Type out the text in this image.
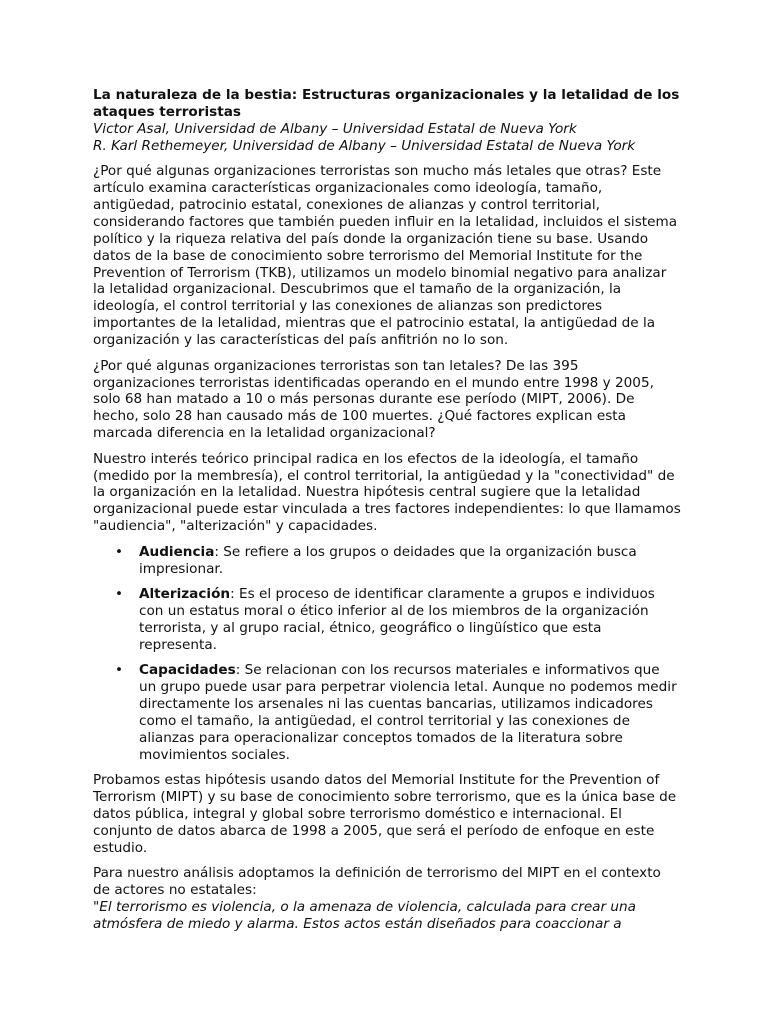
La naturaleza de la bestia: Estructuras organizacionales y la letalidad de los ataques terroristas
Victor Asal, Universidad de Albany – Universidad Estatal de Nueva York
R. Karl Rethemeyer, Universidad de Albany – Universidad Estatal de Nueva York

¿Por qué algunas organizaciones terroristas son mucho más letales que otras? Este artículo examina características organizacionales como ideología, tamaño, antigüedad, patrocinio estatal, conexiones de alianzas y control territorial, considerando factores que también pueden influir en la letalidad, incluidos el sistema político y la riqueza relativa del país donde la organización tiene su base. Usando datos de la base de conocimiento sobre terrorismo del Memorial Institute for the Prevention of Terrorism (TKB), utilizamos un modelo binomial negativo para analizar la letalidad organizacional. Descubrimos que el tamaño de la organización, la ideología, el control territorial y las conexiones de alianzas son predictores importantes de la letalidad, mientras que el patrocinio estatal, la antigüedad de la organización y las características del país anfitrión no lo son.

¿Por qué algunas organizaciones terroristas son tan letales? De las 395 organizaciones terroristas identificadas operando en el mundo entre 1998 y 2005, solo 68 han matado a 10 o más personas durante ese período (MIPT, 2006). De hecho, solo 28 han causado más de 100 muertes. ¿Qué factores explican esta marcada diferencia en la letalidad organizacional?

Nuestro interés teórico principal radica en los efectos de la ideología, el tamaño (medido por la membresía), el control territorial, la antigüedad y la "conectividad" de la organización en la letalidad. Nuestra hipótesis central sugiere que la letalidad organizacional puede estar vinculada a tres factores independientes: lo que llamamos "audiencia", "alterización" y capacidades.

• Audiencia: Se refiere a los grupos o deidades que la organización busca impresionar.
• Alterización: Es el proceso de identificar claramente a grupos e individuos con un estatus moral o ético inferior al de los miembros de la organización terrorista, y al grupo racial, étnico, geográfico o lingüístico que esta representa.
• Capacidades: Se relacionan con los recursos materiales e informativos que un grupo puede usar para perpetrar violencia letal. Aunque no podemos medir directamente los arsenales ni las cuentas bancarias, utilizamos indicadores como el tamaño, la antigüedad, el control territorial y las conexiones de alianzas para operacionalizar conceptos tomados de la literatura sobre movimientos sociales.

Probamos estas hipótesis usando datos del Memorial Institute for the Prevention of Terrorism (MIPT) y su base de conocimiento sobre terrorismo, que es la única base de datos pública, integral y global sobre terrorismo doméstico e internacional. El conjunto de datos abarca de 1998 a 2005, que será el período de enfoque en este estudio.

Para nuestro análisis adoptamos la definición de terrorismo del MIPT en el contexto de actores no estatales:
"El terrorismo es violencia, o la amenaza de violencia, calculada para crear una atmósfera de miedo y alarma. Estos actos están diseñados para coaccionar a
